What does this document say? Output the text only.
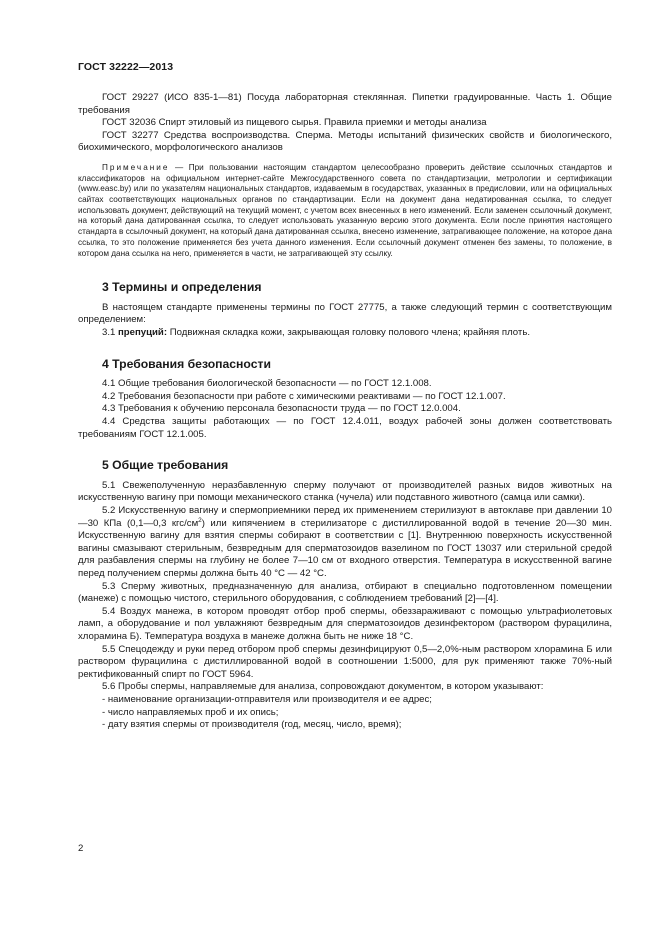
ГОСТ 32222—2013

ГОСТ 29227 (ИСО 835-1—81) Посуда лабораторная стеклянная. Пипетки градуированные. Часть 1. Общие требования

ГОСТ 32036 Спирт этиловый из пищевого сырья. Правила приемки и методы анализа

ГОСТ 32277 Средства воспроизводства. Сперма. Методы испытаний физических свойств и биологического, биохимического, морфологического анализов

Примечание — При пользовании настоящим стандартом целесообразно проверить действие ссылочных стандартов и классификаторов на официальном интернет-сайте Межгосударственного совета по стандартизации, метрологии и сертификации (www.easc.by) или по указателям национальных стандартов, издаваемым в государствах, указанных в предисловии, или на официальных сайтах соответствующих национальных органов по стандартизации. Если на документ дана недатированная ссылка, то следует использовать документ, действующий на текущий момент, с учетом всех внесенных в него изменений. Если заменен ссылочный документ, на который дана датированная ссылка, то следует использовать указанную версию этого документа. Если после принятия настоящего стандарта в ссылочный документ, на который дана датированная ссылка, внесено изменение, затрагивающее положение, на которое дана ссылка, то это положение применяется без учета данного изменения. Если ссылочный документ отменен без замены, то положение, в котором дана ссылка на него, применяется в части, не затрагивающей эту ссылку.

3 Термины и определения

В настоящем стандарте применены термины по ГОСТ 27775, а также следующий термин с соответствующим определением:

3.1 препуций: Подвижная складка кожи, закрывающая головку полового члена; крайняя плоть.

4 Требования безопасности

4.1 Общие требования биологической безопасности — по ГОСТ 12.1.008.

4.2 Требования безопасности при работе с химическими реактивами — по ГОСТ 12.1.007.

4.3 Требования к обучению персонала безопасности труда — по ГОСТ 12.0.004.

4.4 Средства защиты работающих — по ГОСТ 12.4.011, воздух рабочей зоны должен соответствовать требованиям ГОСТ 12.1.005.

5 Общие требования

5.1 Свежеполученную неразбавленную сперму получают от производителей разных видов животных на искусственную вагину при помощи механического станка (чучела) или подставного животного (самца или самки).

5.2 Искусственную вагину и спермоприемники перед их применением стерилизуют в автоклаве при давлении 10—30 КПа (0,1—0,3 кгс/$см^2$) или кипячением в стерилизаторе с дистиллированной водой в течение 20—30 мин. Искусственную вагину для взятия спермы собирают в соответствии с [1]. Внутреннюю поверхность искусственной вагины смазывают стерильным, безвредным для сперматозоидов вазелином по ГОСТ 13037 или стерильной средой для разбавления спермы на глубину не более 7—10 см от входного отверстия. Температура в искусственной вагине перед получением спермы должна быть 40 °С — 42 °С.

5.3 Сперму животных, предназначенную для анализа, отбирают в специально подготовленном помещении (манеже) с помощью чистого, стерильного оборудования, с соблюдением требований [2]—[4].

5.4 Воздух манежа, в котором проводят отбор проб спермы, обеззараживают с помощью ультрафиолетовых ламп, а оборудование и пол увлажняют безвредным для сперматозоидов дезинфектором (раствором фурацилина, хлорамина Б). Температура воздуха в манеже должна быть не ниже 18 °С.

5.5 Спецодежду и руки перед отбором проб спермы дезинфицируют 0,5—2,0%-ным раствором хлорамина Б или раствором фурацилина с дистиллированной водой в соотношении 1:5000, для рук применяют также 70%-ный ректификованный спирт по ГОСТ 5964.

5.6 Пробы спермы, направляемые для анализа, сопровождают документом, в котором указывают:

- наименование организации-отправителя или производителя и ее адрес;

- число направляемых проб и их опись;

- дату взятия спермы от производителя (год, месяц, число, время);

2
